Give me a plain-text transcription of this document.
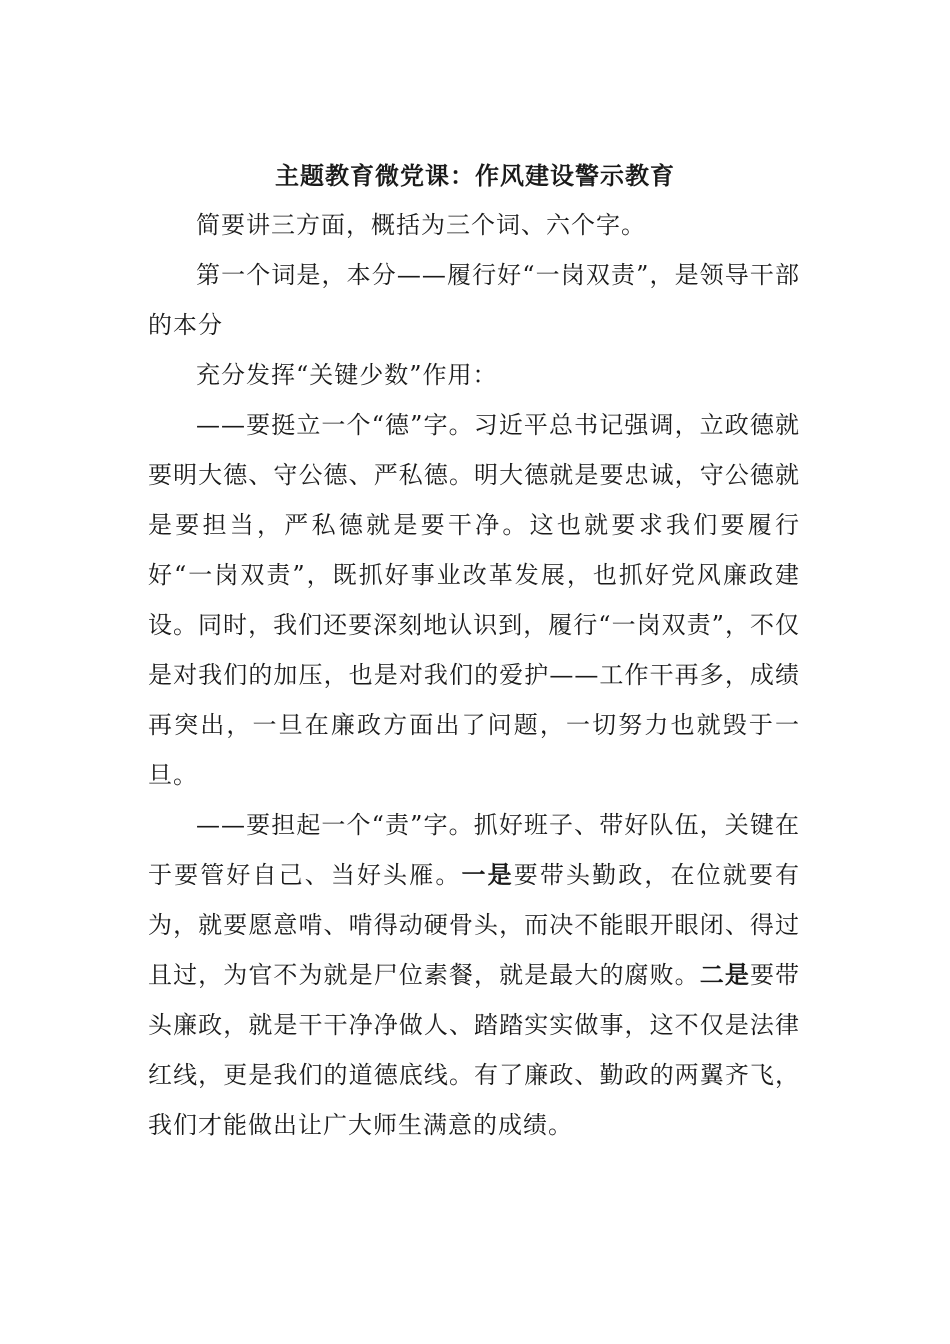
主题教育微党课：作风建设警示教育

简要讲三方面，概括为三个词、六个字。

第一个词是，本分——履行好“一岗双责”，是领导干部的本分

充分发挥“关键少数”作用：

——要挺立一个“德”字。习近平总书记强调，立政德就要明大德、守公德、严私德。明大德就是要忠诚，守公德就是要担当，严私德就是要干净。这也就要求我们要履行好“一岗双责”，既抓好事业改革发展，也抓好党风廉政建设。同时，我们还要深刻地认识到，履行“一岗双责”，不仅是对我们的加压，也是对我们的爱护——工作干再多，成绩再突出，一旦在廉政方面出了问题，一切努力也就毁于一旦。

——要担起一个“责”字。抓好班子、带好队伍，关键在于要管好自己、当好头雁。一是要带头勤政，在位就要有为，就要愿意啃、啃得动硬骨头，而决不能眼开眼闭、得过且过，为官不为就是尸位素餐，就是最大的腐败。二是要带头廉政，就是干干净净做人、踏踏实实做事，这不仅是法律红线，更是我们的道德底线。有了廉政、勤政的两翼齐飞，我们才能做出让广大师生满意的成绩。
